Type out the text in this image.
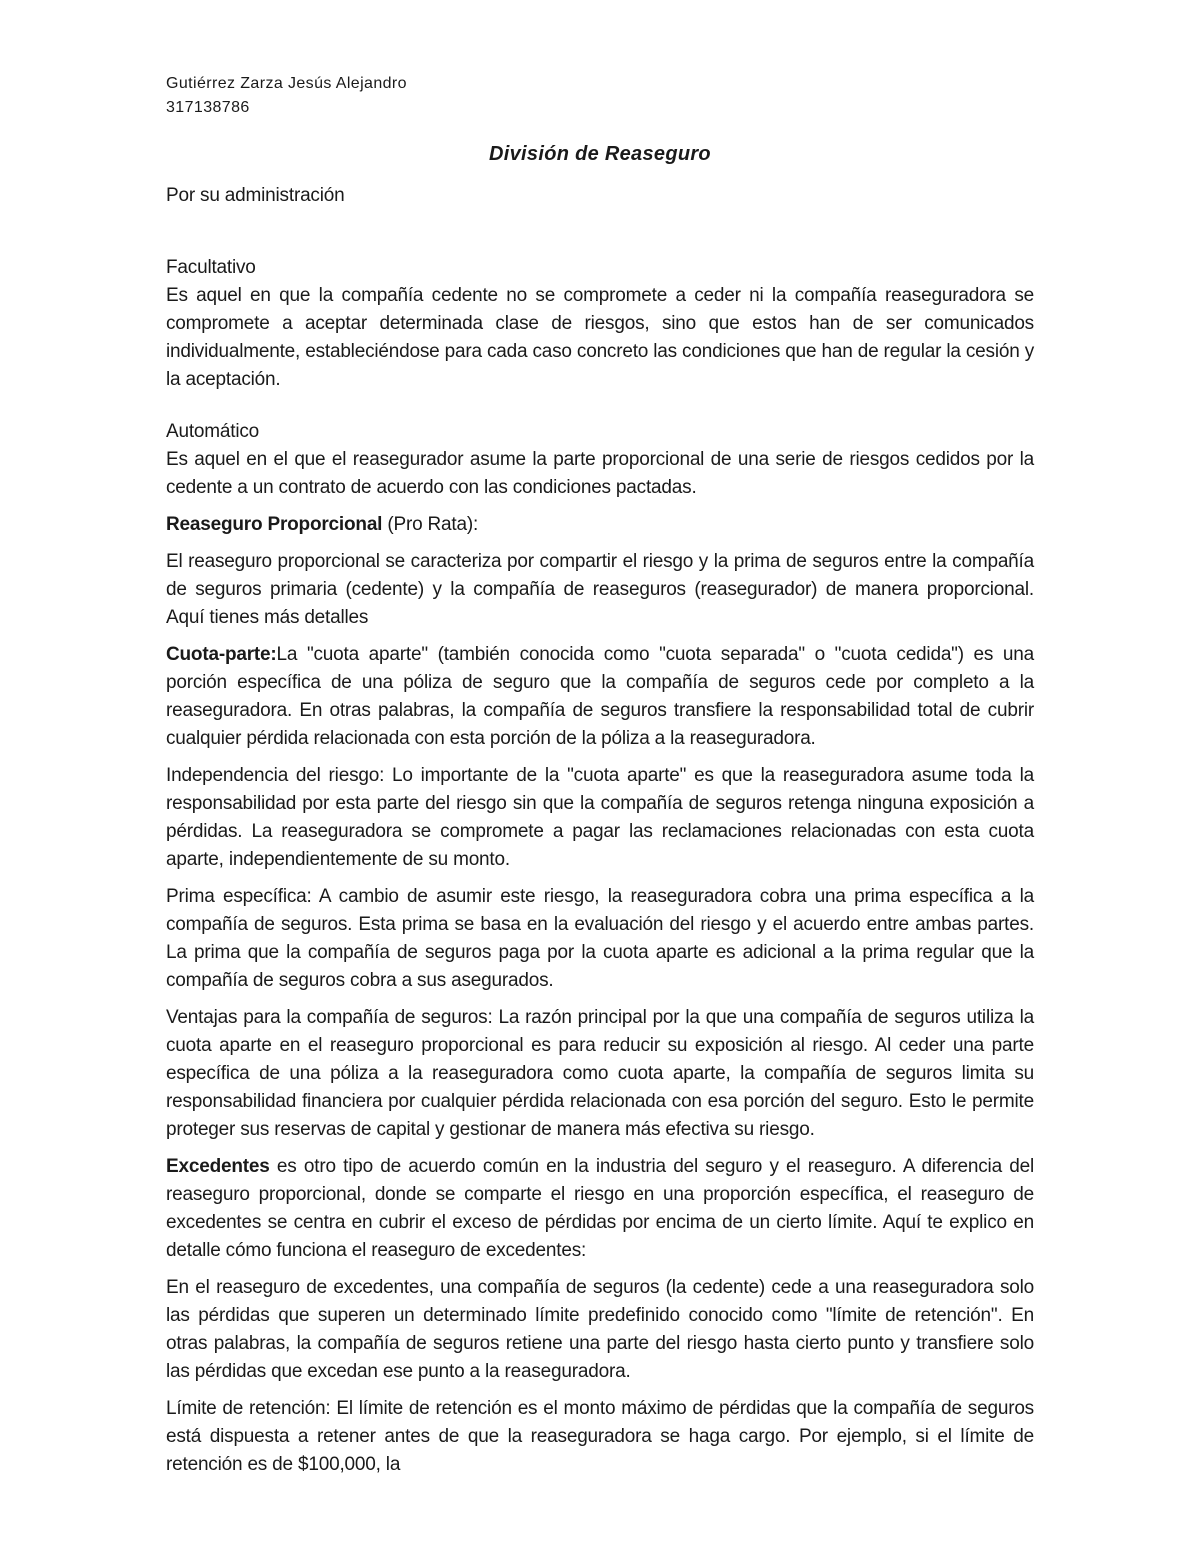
Gutiérrez Zarza Jesús Alejandro
317138786
División de Reaseguro

Por su administración

Facultativo

Es aquel en que la compañía cedente no se compromete a ceder ni la compañía reaseguradora se compromete a aceptar determinada clase de riesgos, sino que estos han de ser comunicados individualmente, estableciéndose para cada caso concreto las condiciones que han de regular la cesión y la aceptación.

Automático

Es aquel en el que el reasegurador asume la parte proporcional de una serie de riesgos cedidos por la cedente a un contrato de acuerdo con las condiciones pactadas.

Reaseguro Proporcional (Pro Rata):

El reaseguro proporcional se caracteriza por compartir el riesgo y la prima de seguros entre la compañía de seguros primaria (cedente) y la compañía de reaseguros (reasegurador) de manera proporcional. Aquí tienes más detalles

Cuota-parte:La "cuota aparte" (también conocida como "cuota separada" o "cuota cedida") es una porción específica de una póliza de seguro que la compañía de seguros cede por completo a la reaseguradora. En otras palabras, la compañía de seguros transfiere la responsabilidad total de cubrir cualquier pérdida relacionada con esta porción de la póliza a la reaseguradora.

Independencia del riesgo: Lo importante de la "cuota aparte" es que la reaseguradora asume toda la responsabilidad por esta parte del riesgo sin que la compañía de seguros retenga ninguna exposición a pérdidas. La reaseguradora se compromete a pagar las reclamaciones relacionadas con esta cuota aparte, independientemente de su monto.

Prima específica: A cambio de asumir este riesgo, la reaseguradora cobra una prima específica a la compañía de seguros. Esta prima se basa en la evaluación del riesgo y el acuerdo entre ambas partes. La prima que la compañía de seguros paga por la cuota aparte es adicional a la prima regular que la compañía de seguros cobra a sus asegurados.

Ventajas para la compañía de seguros: La razón principal por la que una compañía de seguros utiliza la cuota aparte en el reaseguro proporcional es para reducir su exposición al riesgo. Al ceder una parte específica de una póliza a la reaseguradora como cuota aparte, la compañía de seguros limita su responsabilidad financiera por cualquier pérdida relacionada con esa porción del seguro. Esto le permite proteger sus reservas de capital y gestionar de manera más efectiva su riesgo.

Excedentes es otro tipo de acuerdo común en la industria del seguro y el reaseguro. A diferencia del reaseguro proporcional, donde se comparte el riesgo en una proporción específica, el reaseguro de excedentes se centra en cubrir el exceso de pérdidas por encima de un cierto límite. Aquí te explico en detalle cómo funciona el reaseguro de excedentes:

En el reaseguro de excedentes, una compañía de seguros (la cedente) cede a una reaseguradora solo las pérdidas que superen un determinado límite predefinido conocido como "límite de retención". En otras palabras, la compañía de seguros retiene una parte del riesgo hasta cierto punto y transfiere solo las pérdidas que excedan ese punto a la reaseguradora.

Límite de retención: El límite de retención es el monto máximo de pérdidas que la compañía de seguros está dispuesta a retener antes de que la reaseguradora se haga cargo. Por ejemplo, si el límite de retención es de $100,000, la
